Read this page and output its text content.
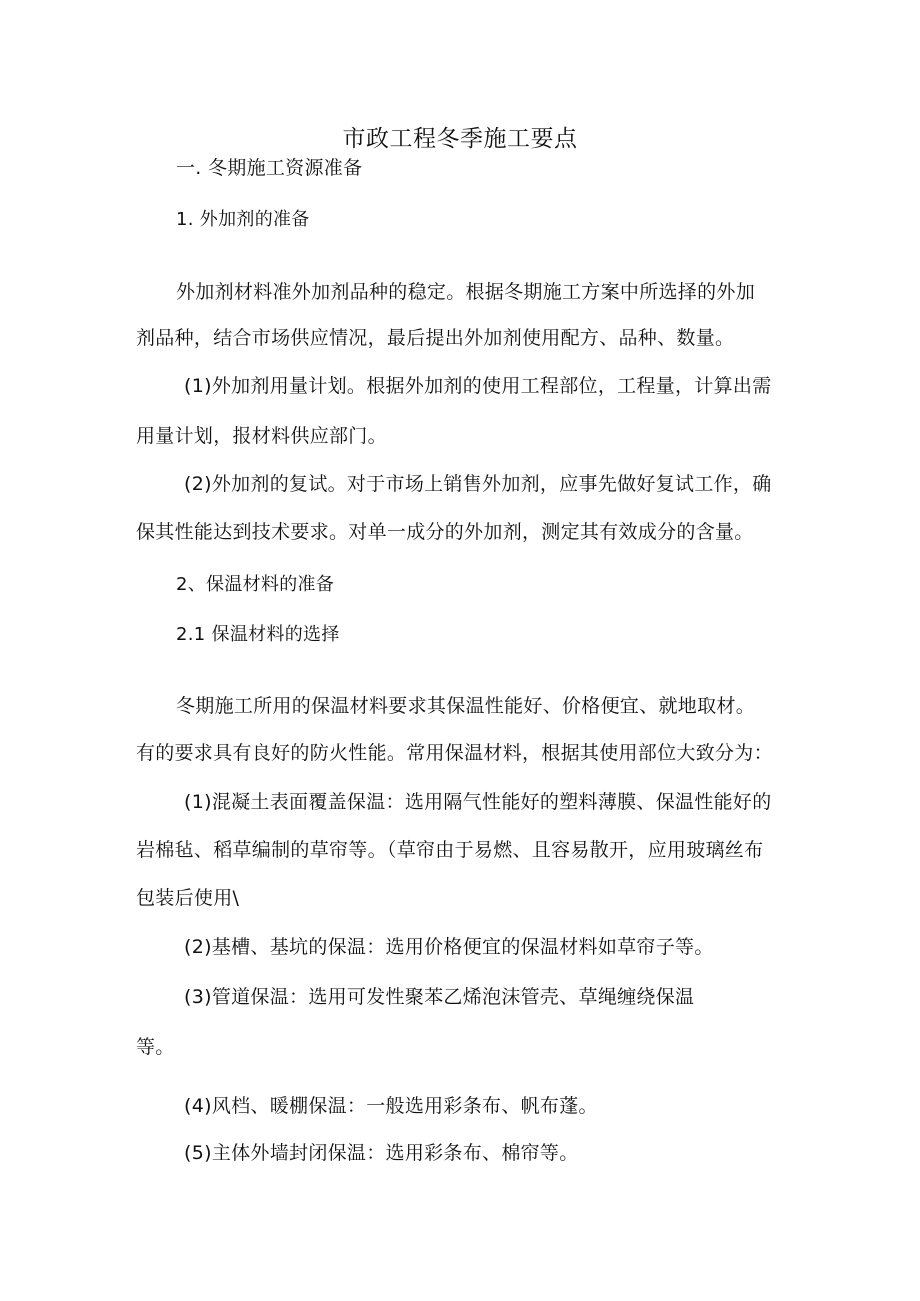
市政工程冬季施工要点
一. 冬期施工资源准备
1. 外加剂的准备
外加剂材料准外加剂品种的稳定。根据冬期施工方案中所选择的外加
剂品种，结合市场供应情况，最后提出外加剂使用配方、品种、数量。
(1)外加剂用量计划。根据外加剂的使用工程部位，工程量，计算出需
用量计划，报材料供应部门。
(2)外加剂的复试。对于市场上销售外加剂，应事先做好复试工作，确
保其性能达到技术要求。对单一成分的外加剂，测定其有效成分的含量。
2、保温材料的准备
2.1 保温材料的选择
冬期施工所用的保温材料要求其保温性能好、价格便宜、就地取材。
有的要求具有良好的防火性能。常用保温材料，根据其使用部位大致分为：
(1)混凝土表面覆盖保温：选用隔气性能好的塑料薄膜、保温性能好的
岩棉毡、稻草编制的草帘等。（草帘由于易燃、且容易散开，应用玻璃丝布
包装后使用\
(2)基槽、基坑的保温：选用价格便宜的保温材料如草帘子等。
(3)管道保温：选用可发性聚苯乙烯泡沫管壳、草绳缠绕保温
等。
(4)风档、暖棚保温：一般选用彩条布、帆布蓬。
(5)主体外墙封闭保温：选用彩条布、棉帘等。
